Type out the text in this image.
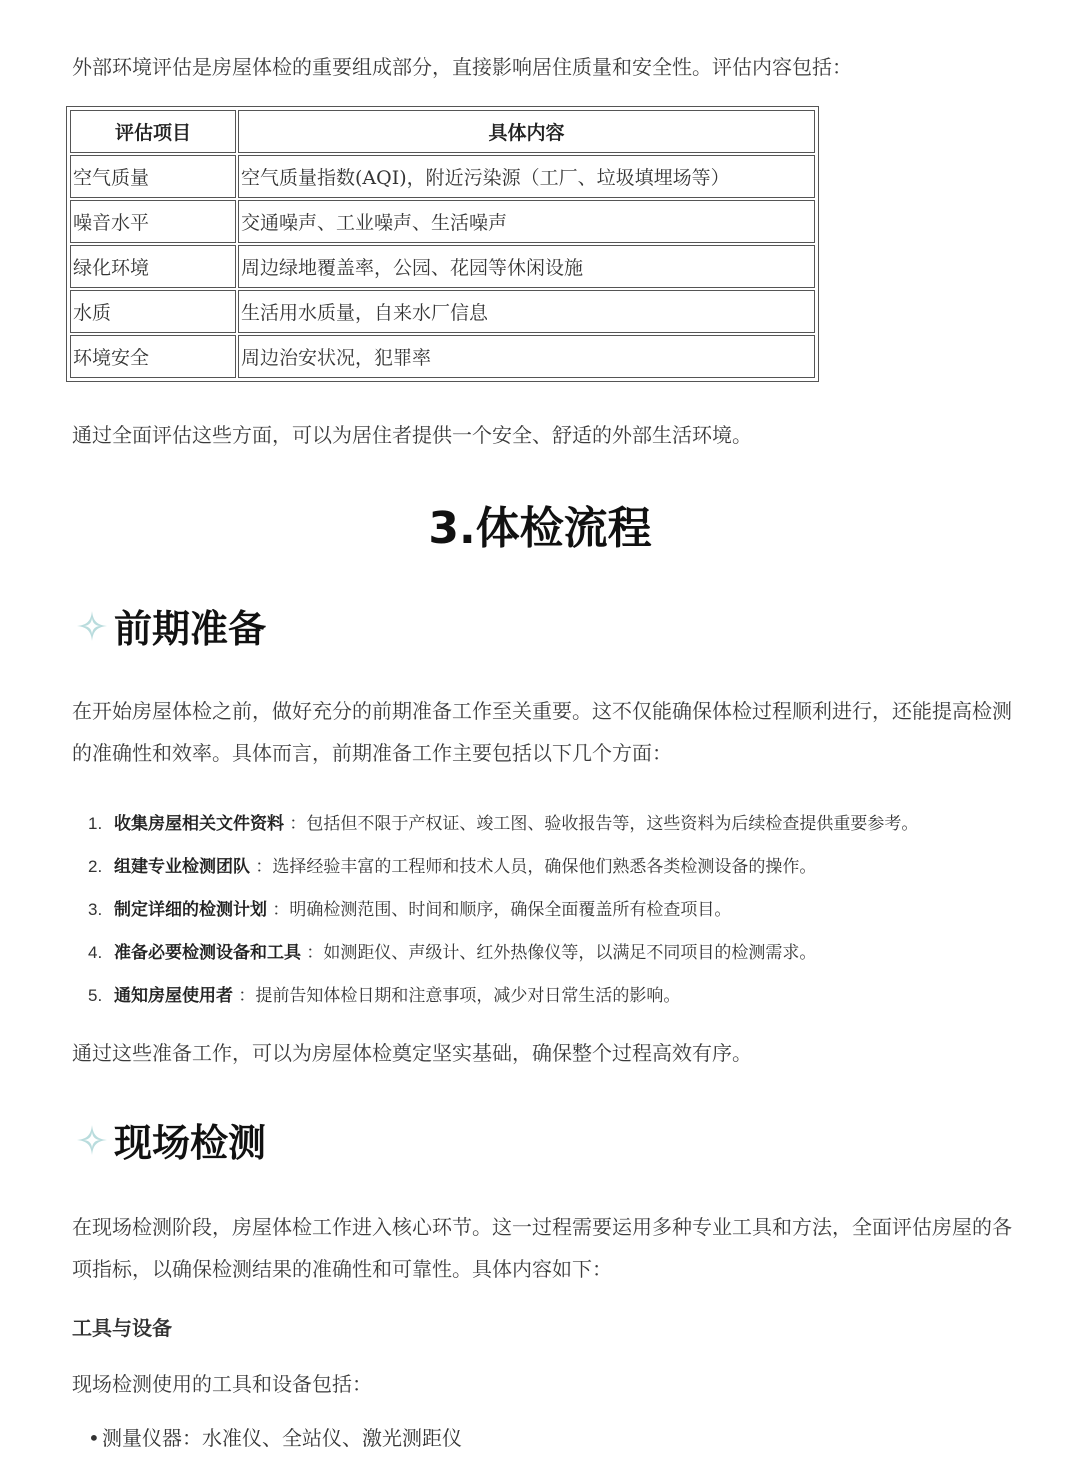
外部环境评估是房屋体检的重要组成部分，直接影响居住质量和安全性。评估内容包括：

评估项目	具体内容
空气质量	空气质量指数(AQI)，附近污染源（工厂、垃圾填埋场等）
噪音水平	交通噪声、工业噪声、生活噪声
绿化环境	周边绿地覆盖率，公园、花园等休闲设施
水质	生活用水质量，自来水厂信息
环境安全	周边治安状况，犯罪率

通过全面评估这些方面，可以为居住者提供一个安全、舒适的外部生活环境。

3.体检流程
前期准备

在开始房屋体检之前，做好充分的前期准备工作至关重要。这不仅能确保体检过程顺利进行，还能提高检测的准确性和效率。具体而言，前期准备工作主要包括以下几个方面：

1. 收集房屋相关文件资料 ：包括但不限于产权证、竣工图、验收报告等，这些资料为后续检查提供重要参考。
2. 组建专业检测团队 ：选择经验丰富的工程师和技术人员，确保他们熟悉各类检测设备的操作。
3. 制定详细的检测计划 ：明确检测范围、时间和顺序，确保全面覆盖所有检查项目。
4. 准备必要检测设备和工具 ：如测距仪、声级计、红外热像仪等，以满足不同项目的检测需求。
5. 通知房屋使用者 ：提前告知体检日期和注意事项，减少对日常生活的影响。

通过这些准备工作，可以为房屋体检奠定坚实基础，确保整个过程高效有序。

现场检测

在现场检测阶段，房屋体检工作进入核心环节。这一过程需要运用多种专业工具和方法，全面评估房屋的各项指标，以确保检测结果的准确性和可靠性。具体内容如下：

工具与设备

现场检测使用的工具和设备包括：

• 测量仪器：水准仪、全站仪、激光测距仪
